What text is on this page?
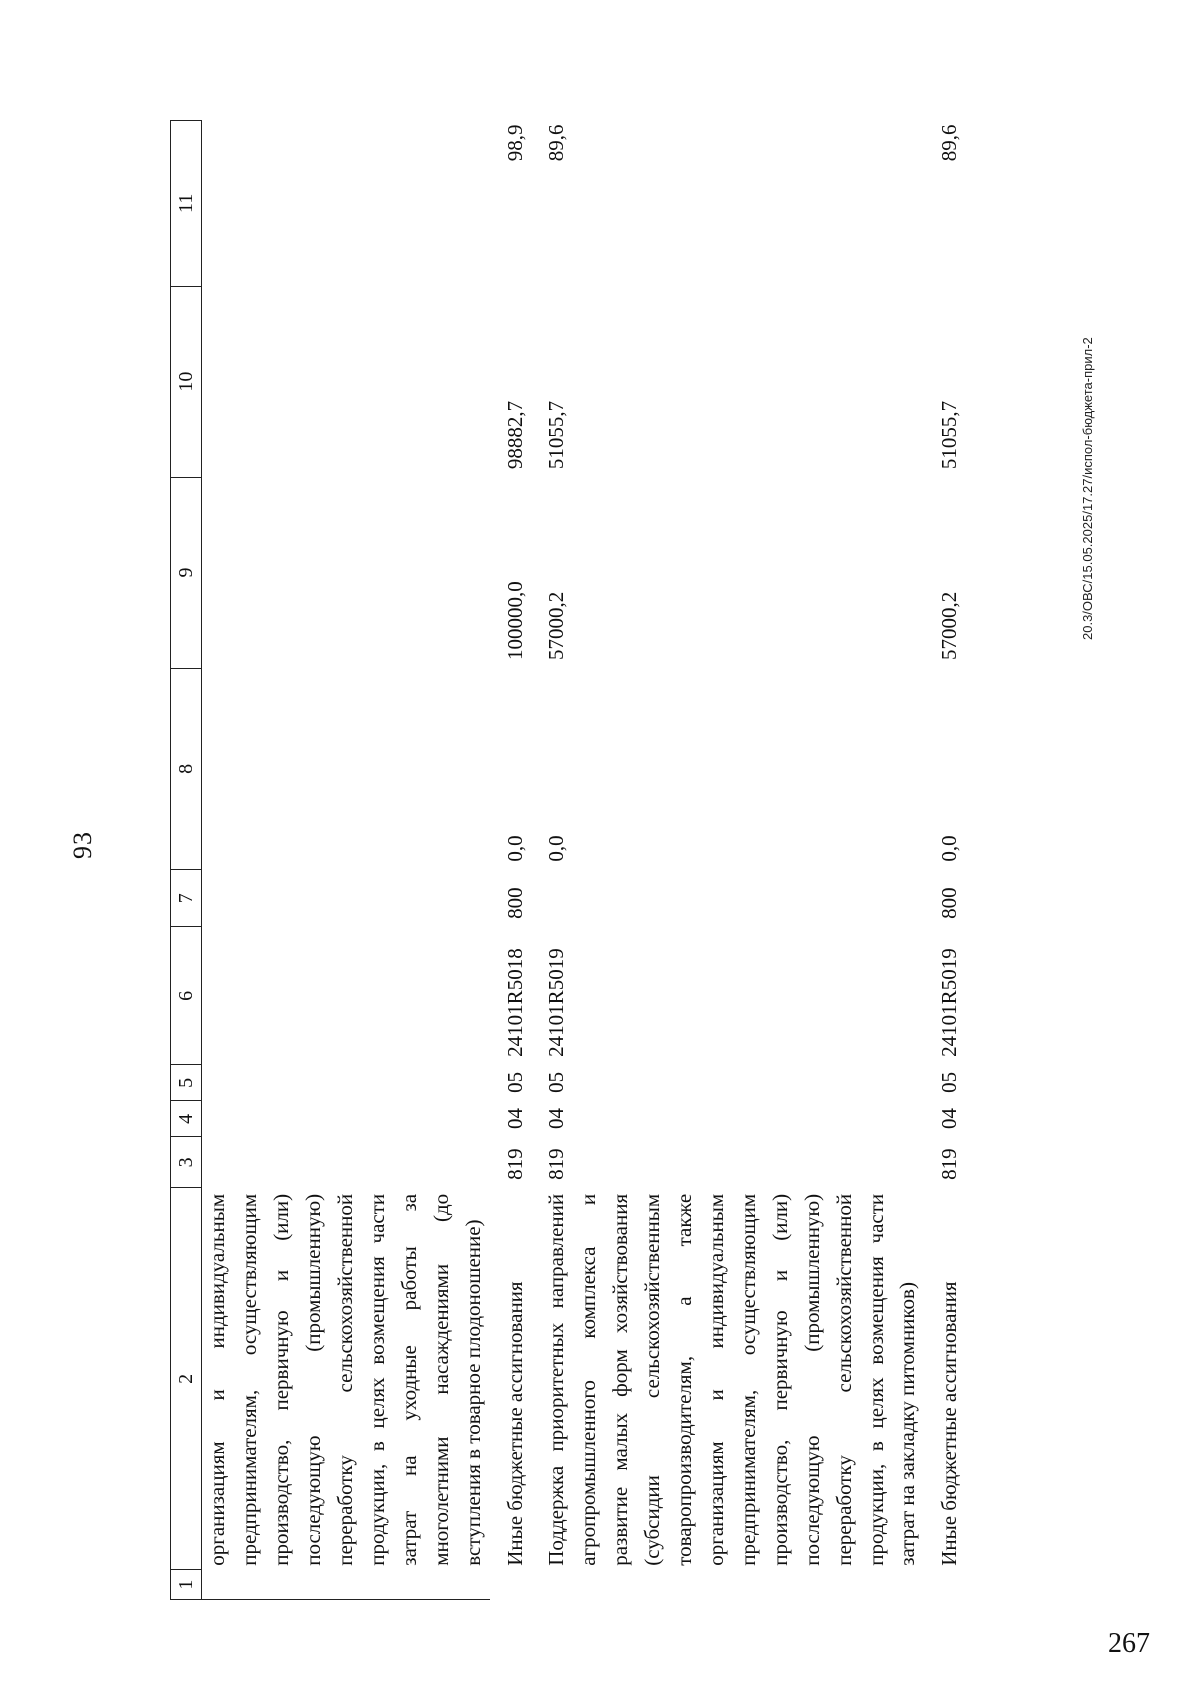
93
1	2	3	4	5	6	7	8	9	10	11
	организациям и индивидуальным предпринимателям, осуществляющим производство, первичную и (или) последующую (промышленную) переработку сельскохозяйственной продукции, в целях возмещения части затрат на уходные работы за многолетними насаждениями (до вступления в товарное плодоношение)									
	Иные бюджетные ассигнования	819	04	05	24101R5018	800	0,0	100000,0	98882,7	98,9
	Поддержка приоритетных направлений агропромышленного комплекса и развитие малых форм хозяйствования (субсидии сельскохозяйственным товаропроизводителям, а также организациям и индивидуальным предпринимателям, осуществляющим производство, первичную и (или) последующую (промышленную) переработку сельскохозяйственной продукции, в целях возмещения части затрат на закладку питомников)	819	04	05	24101R5019		0,0	57000,2	51055,7	89,6
	Иные бюджетные ассигнования	819	04	05	24101R5019	800	0,0	57000,2	51055,7	89,6
20.3/ОВС/15.05.2025/17.27/испол-бюджета-прил-2
267
